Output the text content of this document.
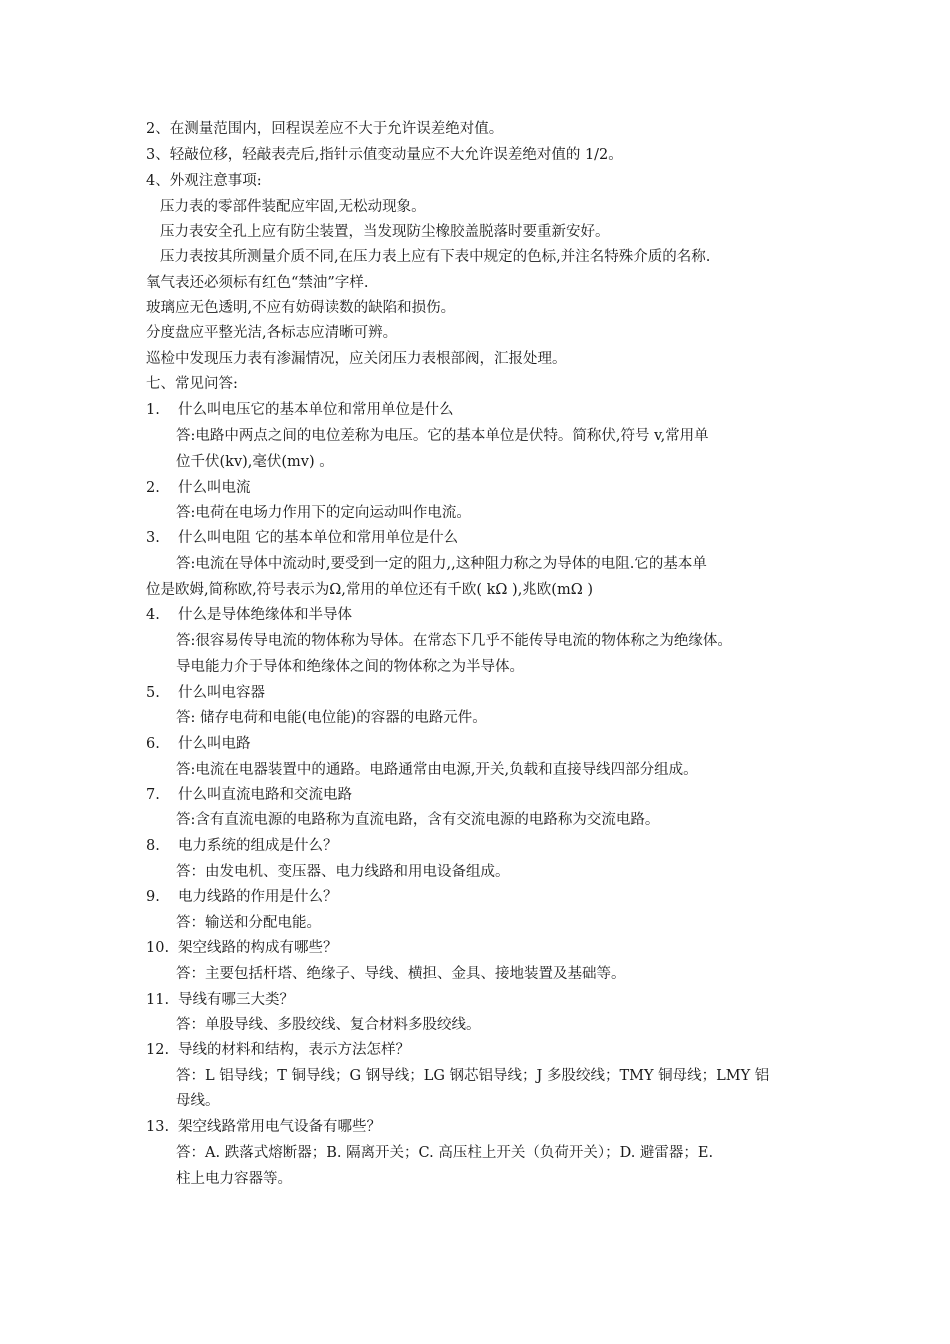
2、在测量范围内，回程误差应不大于允许误差绝对值。
3、轻敲位移，轻敲表壳后,指针示值变动量应不大允许误差绝对值的 1/2。
4、外观注意事项:
压力表的零部件装配应牢固,无松动现象。
压力表安全孔上应有防尘装置，当发现防尘橡胶盖脱落时要重新安好。
压力表按其所测量介质不同,在压力表上应有下表中规定的色标,并注名特殊介质的名称.
氧气表还必须标有红色“禁油”字样.
玻璃应无色透明,不应有妨碍读数的缺陷和损伤。
分度盘应平整光洁,各标志应清晰可辨。
巡检中发现压力表有渗漏情况，应关闭压力表根部阀，汇报处理。
七、常见问答:
1. 什么叫电压它的基本单位和常用单位是什么
答:电路中两点之间的电位差称为电压。它的基本单位是伏特。简称伏,符号 v,常用单
位千伏(kv),毫伏(mv) 。
2. 什么叫电流
答:电荷在电场力作用下的定向运动叫作电流。
3. 什么叫电阻 它的基本单位和常用单位是什么
答:电流在导体中流动时,要受到一定的阻力,,这种阻力称之为导体的电阻.它的基本单
位是欧姆,简称欧,符号表示为Ω,常用的单位还有千欧( kΩ ),兆欧(mΩ )
4. 什么是导体绝缘体和半导体
答:很容易传导电流的物体称为导体。在常态下几乎不能传导电流的物体称之为绝缘体。
导电能力介于导体和绝缘体之间的物体称之为半导体。
5. 什么叫电容器
答: 储存电荷和电能(电位能)的容器的电路元件。
6. 什么叫电路
答:电流在电器装置中的通路。电路通常由电源,开关,负载和直接导线四部分组成。
7. 什么叫直流电路和交流电路
答:含有直流电源的电路称为直流电路，含有交流电源的电路称为交流电路。
8. 电力系统的组成是什么？
答：由发电机、变压器、电力线路和用电设备组成。
9. 电力线路的作用是什么？
答：输送和分配电能。
10. 架空线路的构成有哪些？
答：主要包括杆塔、绝缘子、导线、横担、金具、接地装置及基础等。
11. 导线有哪三大类？
答：单股导线、多股绞线、复合材料多股绞线。
12. 导线的材料和结构，表示方法怎样？
答：L 铝导线；T 铜导线；G 钢导线；LG 钢芯铝导线；J 多股绞线；TMY 铜母线；LMY 铝
母线。
13. 架空线路常用电气设备有哪些？
答：A. 跌落式熔断器；B. 隔离开关；C. 高压柱上开关（负荷开关）；D. 避雷器；E.
柱上电力容器等。
